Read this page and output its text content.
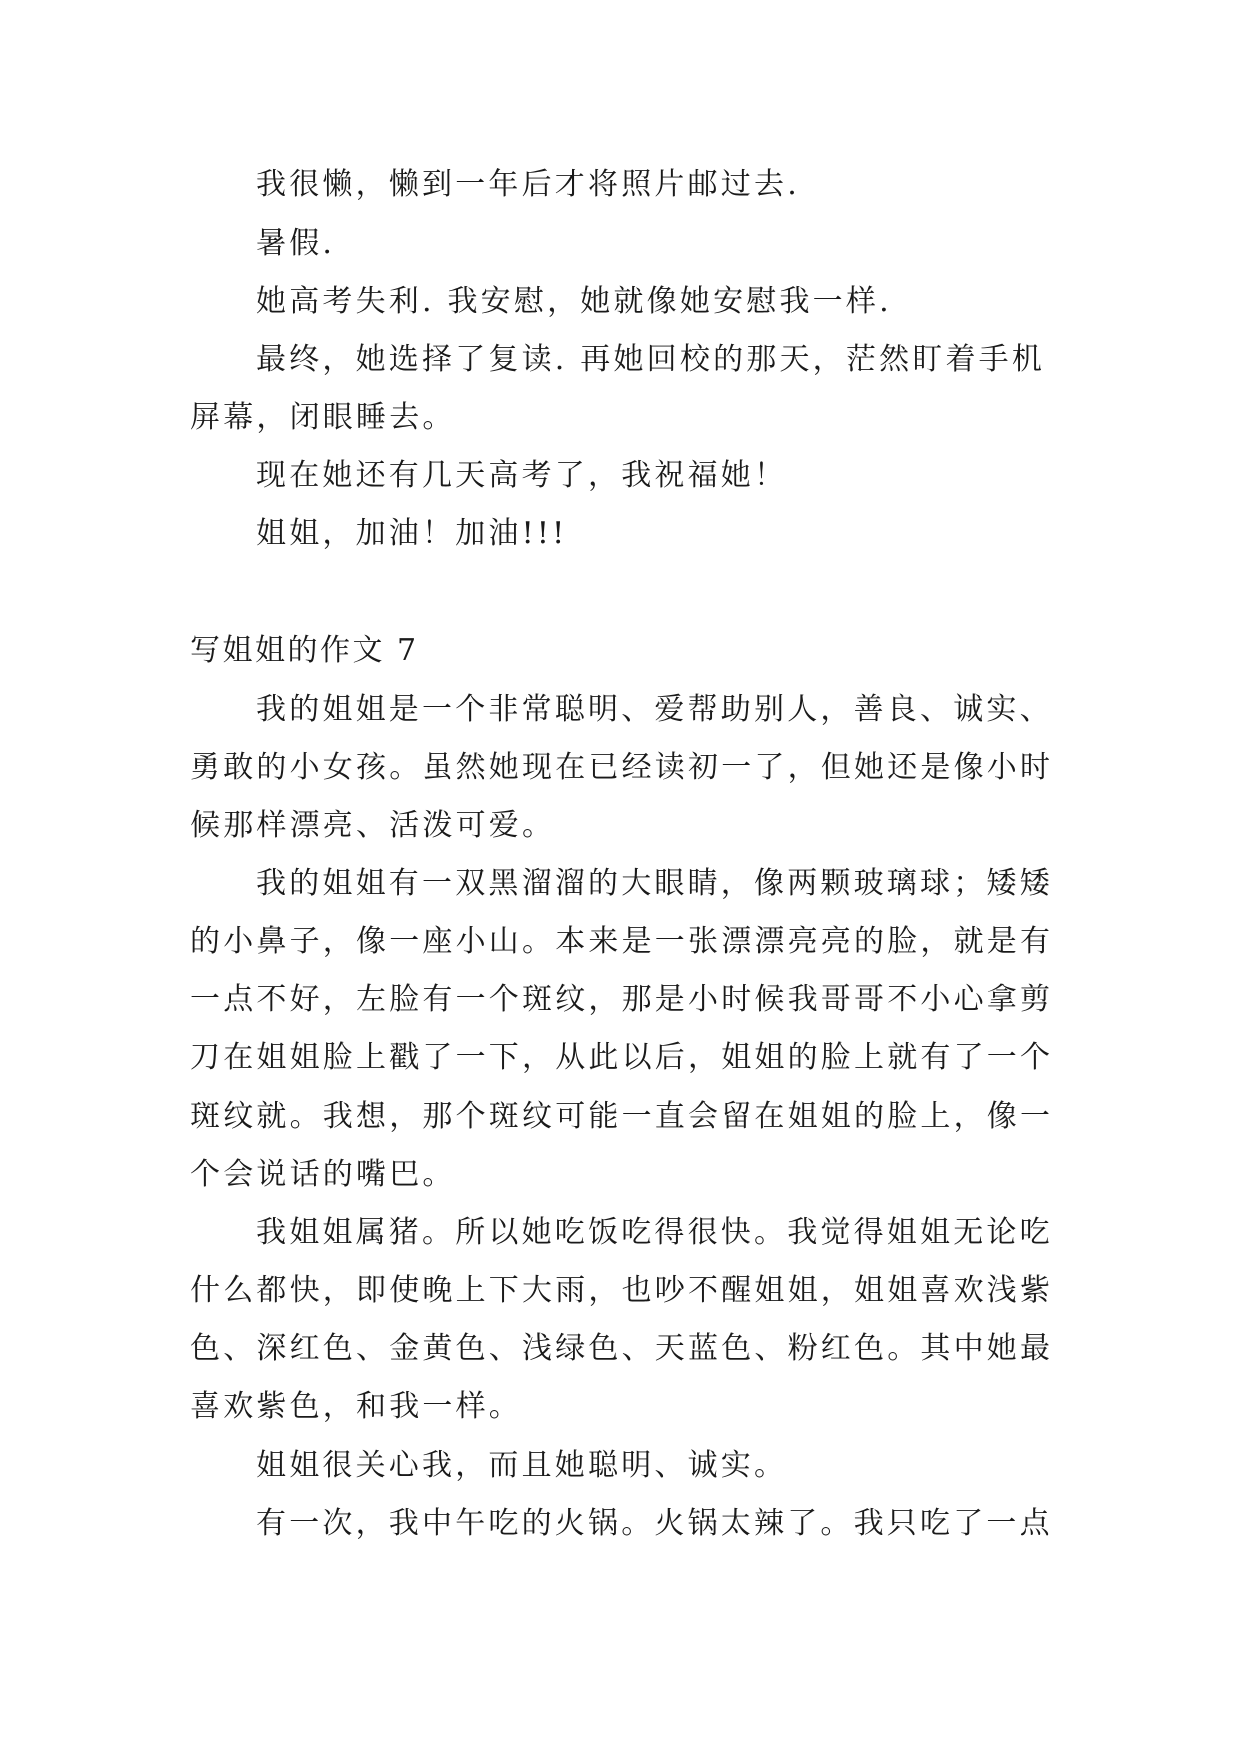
我很懒，懒到一年后才将照片邮过去.
暑假.
她高考失利. 我安慰，她就像她安慰我一样.
最终，她选择了复读. 再她回校的那天，茫然盯着手机
屏幕，闭眼睡去。
现在她还有几天高考了，我祝福她！
姐姐，加油！加油!!!
写姐姐的作文 7
我的姐姐是一个非常聪明、爱帮助别人，善良、诚实、
勇敢的小女孩。虽然她现在已经读初一了，但她还是像小时
候那样漂亮、活泼可爱。
我的姐姐有一双黑溜溜的大眼睛，像两颗玻璃球；矮矮
的小鼻子，像一座小山。本来是一张漂漂亮亮的脸，就是有
一点不好，左脸有一个斑纹，那是小时候我哥哥不小心拿剪
刀在姐姐脸上戳了一下，从此以后，姐姐的脸上就有了一个
斑纹就。我想，那个斑纹可能一直会留在姐姐的脸上，像一
个会说话的嘴巴。
我姐姐属猪。所以她吃饭吃得很快。我觉得姐姐无论吃
什么都快，即使晚上下大雨，也吵不醒姐姐，姐姐喜欢浅紫
色、深红色、金黄色、浅绿色、天蓝色、粉红色。其中她最
喜欢紫色，和我一样。
姐姐很关心我，而且她聪明、诚实。
有一次，我中午吃的火锅。火锅太辣了。我只吃了一点
